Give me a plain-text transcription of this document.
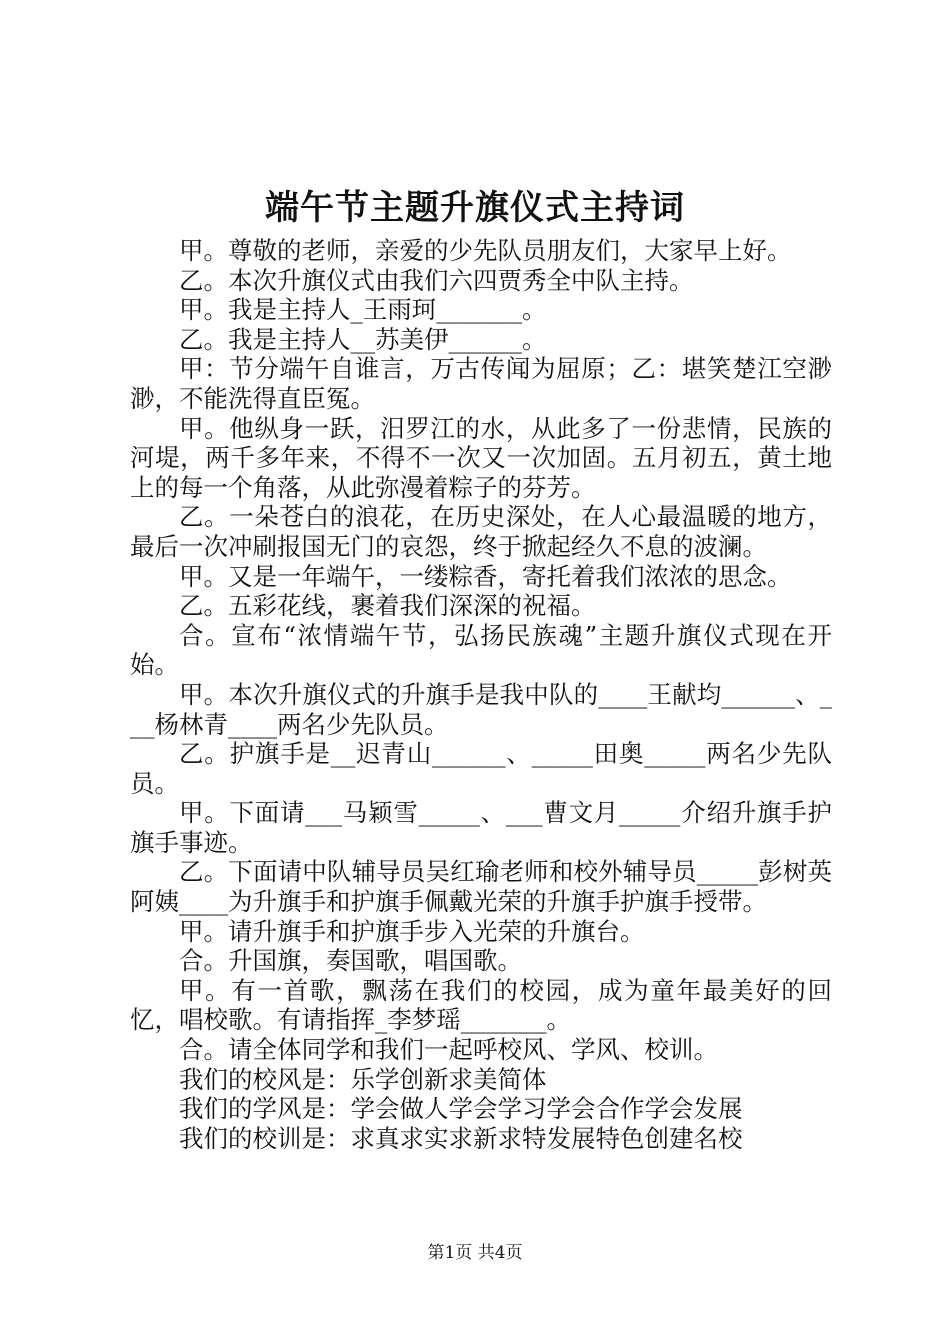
端午节主题升旗仪式主持词

甲。尊敬的老师，亲爱的少先队员朋友们，大家早上好。

乙。本次升旗仪式由我们六四贾秀全中队主持。

甲。我是主持人_王雨珂_______。

乙。我是主持人__苏美伊______。

甲：节分端午自谁言，万古传闻为屈原；乙：堪笑楚江空渺渺，不能洗得直臣冤。

甲。他纵身一跃，汨罗江的水，从此多了一份悲情，民族的河堤，两千多年来，不得不一次又一次加固。五月初五，黄土地上的每一个角落，从此弥漫着粽子的芬芳。

乙。一朵苍白的浪花，在历史深处，在人心最温暖的地方，最后一次冲刷报国无门的哀怨，终于掀起经久不息的波澜。

甲。又是一年端午，一缕粽香，寄托着我们浓浓的思念。

乙。五彩花线，裹着我们深深的祝福。

合。宣布“浓情端午节，弘扬民族魂”主题升旗仪式现在开始。

甲。本次升旗仪式的升旗手是我中队的____王献均______、___杨林青____两名少先队员。

乙。护旗手是__迟青山______、_____田奥_____两名少先队员。

甲。下面请___马颖雪_____、___曹文月_____介绍升旗手护旗手事迹。

乙。下面请中队辅导员吴红瑜老师和校外辅导员_____彭树英阿姨____为升旗手和护旗手佩戴光荣的升旗手护旗手授带。

甲。请升旗手和护旗手步入光荣的升旗台。

合。升国旗，奏国歌，唱国歌。

甲。有一首歌，飘荡在我们的校园，成为童年最美好的回忆，唱校歌。有请指挥_李梦瑶_______。

合。请全体同学和我们一起呼校风、学风、校训。

我们的校风是：乐学创新求美简体

我们的学风是：学会做人学会学习学会合作学会发展

我们的校训是：求真求实求新求特发展特色创建名校

第1页 共4页
